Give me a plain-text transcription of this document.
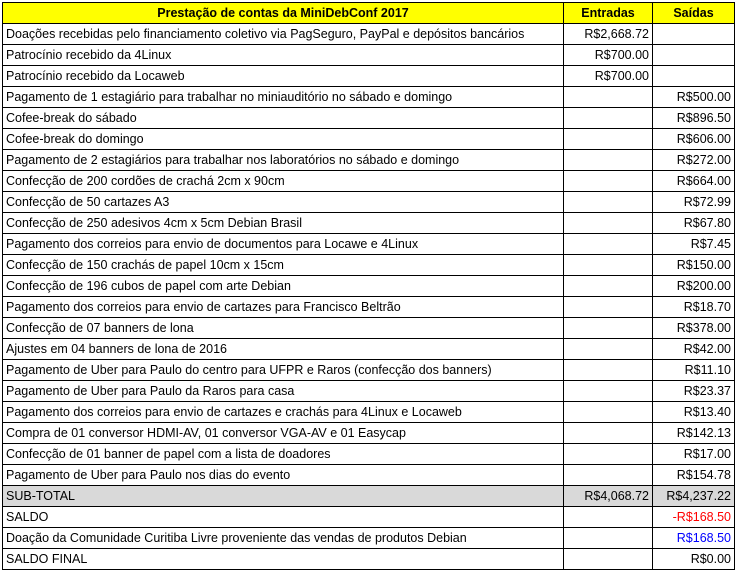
Prestação de contas da MiniDebConf 2017	Entradas	Saídas
Doações recebidas pelo financiamento coletivo via PagSeguro, PayPal e depósitos bancários	R$2,668.72	
Patrocínio recebido da 4Linux	R$700.00	
Patrocínio recebido da Locaweb	R$700.00	
Pagamento de 1 estagiário para trabalhar no miniauditório no sábado e domingo		R$500.00
Cofee-break do sábado		R$896.50
Cofee-break do domingo		R$606.00
Pagamento de 2 estagiários para trabalhar nos laboratórios no sábado e domingo		R$272.00
Confecção de 200 cordões de crachá 2cm x 90cm		R$664.00
Confecção de 50 cartazes A3		R$72.99
Confecção de 250 adesivos 4cm x 5cm Debian Brasil		R$67.80
Pagamento dos correios para envio de documentos para Locawe e 4Linux		R$7.45
Confecção de 150 crachás de papel 10cm x 15cm		R$150.00
Confecção de 196 cubos de papel com arte Debian		R$200.00
Pagamento dos correios para envio de cartazes para Francisco Beltrão		R$18.70
Confecção de 07 banners de lona		R$378.00
Ajustes em 04 banners de lona de 2016		R$42.00
Pagamento de Uber para Paulo do centro para UFPR e Raros (confecção dos banners)		R$11.10
Pagamento de Uber para Paulo da Raros para casa		R$23.37
Pagamento dos correios para envio de cartazes e crachás para 4Linux e Locaweb		R$13.40
Compra de 01 conversor HDMI-AV, 01 conversor VGA-AV e 01 Easycap		R$142.13
Confecção de 01 banner de papel com a lista de doadores		R$17.00
Pagamento de Uber para Paulo nos dias do evento		R$154.78
SUB-TOTAL	R$4,068.72	R$4,237.22
SALDO		-R$168.50
Doação da Comunidade Curitiba Livre proveniente das vendas de produtos Debian		R$168.50
SALDO FINAL		R$0.00
